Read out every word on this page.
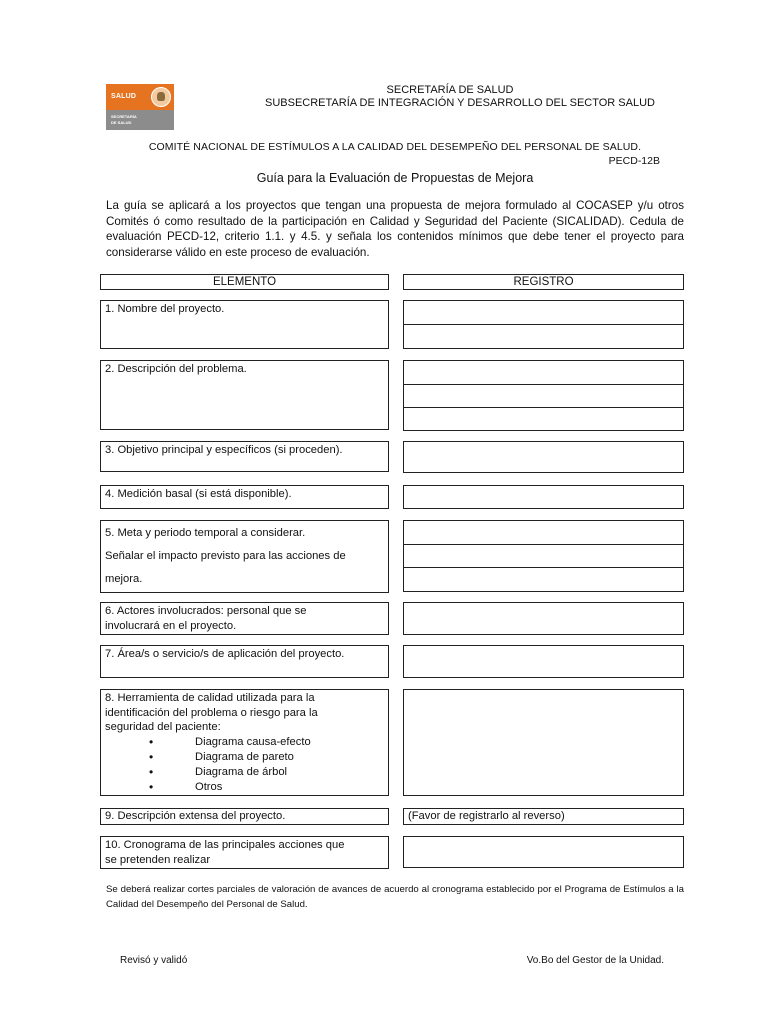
SALUD
SECRETARÍA
DE SALUD
SECRETARÍA DE SALUD
SUBSECRETARÍA DE INTEGRACIÓN Y DESARROLLO DEL SECTOR SALUD
COMITÉ NACIONAL DE ESTÍMULOS A LA CALIDAD DEL DESEMPEÑO DEL PERSONAL DE SALUD.
PECD-12B
Guía para la Evaluación de Propuestas de Mejora
La guía se aplicará a los proyectos que tengan una propuesta de mejora formulado al COCASEP y/u otros Comités ó como resultado de la participación en Calidad y Seguridad del Paciente (SICALIDAD). Cedula de evaluación PECD-12, criterio 1.1. y 4.5. y señala los contenidos mínimos que debe tener el proyecto para considerarse válido en este proceso de evaluación.
ELEMENTO	REGISTRO
1. Nombre del proyecto.
2. Descripción del problema.
3. Objetivo principal y específicos (si proceden).
4. Medición basal (si está disponible).
5. Meta y periodo temporal a considerar.
Señalar el impacto previsto para las acciones de
mejora.
6. Actores involucrados: personal que se
involucrará en el proyecto.
7. Área/s o servicio/s de aplicación del proyecto.
8. Herramienta de calidad utilizada para la
identificación del problema o riesgo para la
seguridad del paciente:
• Diagrama causa-efecto
• Diagrama de pareto
• Diagrama de árbol
• Otros
9. Descripción extensa del proyecto.	(Favor de registrarlo al reverso)
10. Cronograma de las principales acciones que
se pretenden realizar
Se deberá realizar cortes parciales de valoración de avances de acuerdo al cronograma establecido por el Programa de Estímulos a la Calidad del Desempeño del Personal de Salud.
Revisó y validó	Vo.Bo del Gestor de la Unidad.
